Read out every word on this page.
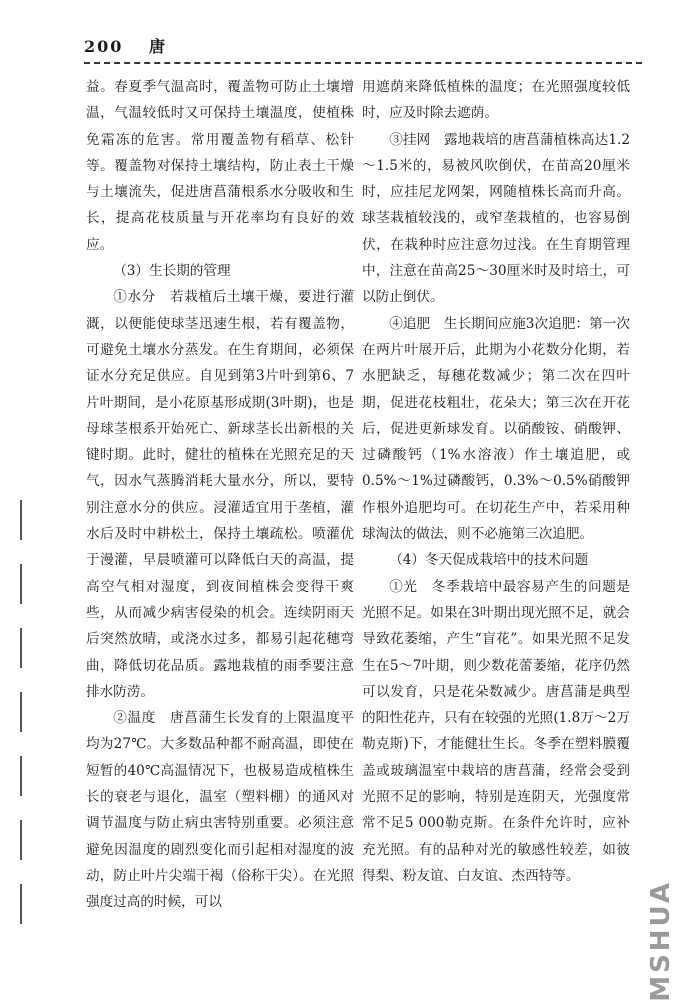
200 唐

益。春夏季气温高时，覆盖物可防止土壤增温，气温较低时又可保持土壤温度，使植株免霜冻的危害。常用覆盖物有稻草、松针等。覆盖物对保持土壤结构，防止表土干燥与土壤流失，促进唐菖蒲根系水分吸收和生长，提高花枝质量与开花率均有良好的效应。

（3）生长期的管理

①水分　若栽植后土壤干燥，要进行灌溉，以便能使球茎迅速生根，若有覆盖物，可避免土壤水分蒸发。在生育期间，必须保证水分充足供应。自见到第3片叶到第6、7片叶期间，是小花原基形成期(3叶期)，也是母球茎根系开始死亡、新球茎长出新根的关键时期。此时，健壮的植株在光照充足的天气，因水气蒸腾消耗大量水分，所以，要特别注意水分的供应。浸灌适宜用于垄植，灌水后及时中耕松土，保持土壤疏松。喷灌优于漫灌，早晨喷灌可以降低白天的高温，提高空气相对湿度，到夜间植株会变得干爽些，从而减少病害侵染的机会。连续阴雨天后突然放晴，或浇水过多，都易引起花穗弯曲，降低切花品质。露地栽植的雨季要注意排水防涝。

②温度　唐菖蒲生长发育的上限温度平均为27℃。大多数品种都不耐高温，即使在短暂的40℃高温情况下，也极易造成植株生长的衰老与退化，温室（塑料棚）的通风对调节温度与防止病虫害特别重要。必须注意避免因温度的剧烈变化而引起相对湿度的波动，防止叶片尖端干褐（俗称干尖）。在光照强度过高的时候，可以

用遮荫来降低植株的温度；在光照强度较低时，应及时除去遮荫。

③挂网　露地栽培的唐菖蒲植株高达1.2～1.5米的，易被风吹倒伏，在苗高20厘米时，应挂尼龙网架，网随植株长高而升高。球茎栽植较浅的，或窄垄栽植的，也容易倒伏，在栽种时应注意勿过浅。在生育期管理中，注意在苗高25～30厘米时及时培土，可以防止倒伏。

④追肥　生长期间应施3次追肥：第一次在两片叶展开后，此期为小花数分化期，若水肥缺乏，每穗花数减少；第二次在四叶期，促进花枝粗壮，花朵大；第三次在开花后，促进更新球发育。以硝酸铵、硝酸钾、过磷酸钙（1%水溶液）作土壤追肥，或0.5%～1%过磷酸钙，0.3%～0.5%硝酸钾作根外追肥均可。在切花生产中，若采用种球淘汰的做法，则不必施第三次追肥。

（4）冬天促成栽培中的技术问题

①光　冬季栽培中最容易产生的问题是光照不足。如果在3叶期出现光照不足，就会导致花萎缩，产生“盲花”。如果光照不足发生在5～7叶期，则少数花蕾萎缩，花序仍然可以发育，只是花朵数减少。唐菖蒲是典型的阳性花卉，只有在较强的光照(1.8万～2万勒克斯)下，才能健壮生长。冬季在塑料膜覆盖或玻璃温室中栽培的唐菖蒲，经常会受到光照不足的影响，特别是连阴天，光强度常常不足5 000勒克斯。在条件允许时，应补充光照。有的品种对光的敏感性较差，如彼得梨、粉友谊、白友谊、杰西特等。

MSHUA
